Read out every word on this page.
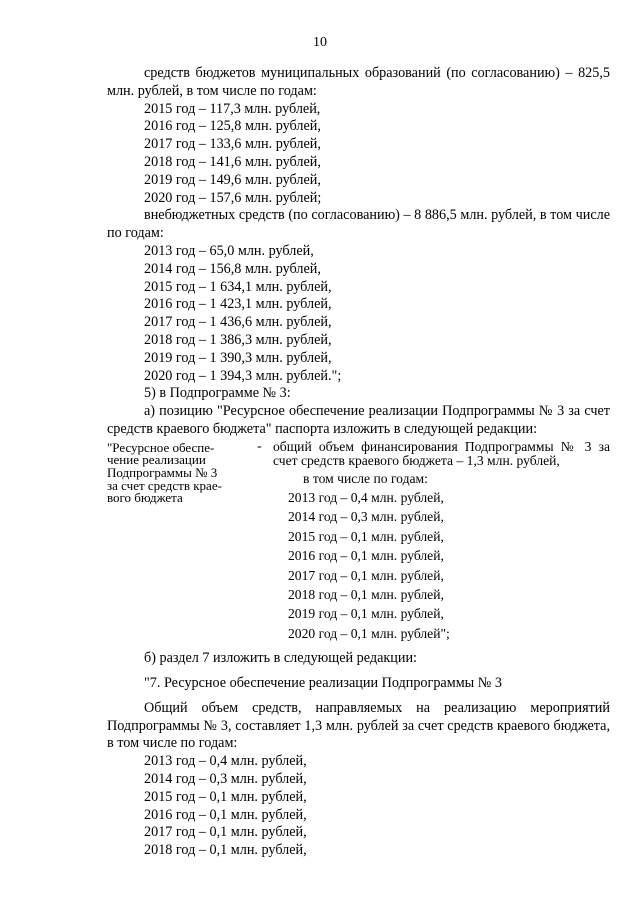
10
средств бюджетов муниципальных образований (по согласованию) – 825,5 млн. рублей, в том числе по годам:
2015 год – 117,3 млн. рублей,
2016 год – 125,8 млн. рублей,
2017 год – 133,6 млн. рублей,
2018 год – 141,6 млн. рублей,
2019 год – 149,6 млн. рублей,
2020 год – 157,6 млн. рублей;
внебюджетных средств (по согласованию) – 8 886,5 млн. рублей, в том числе по годам:
2013 год – 65,0 млн. рублей,
2014 год – 156,8 млн. рублей,
2015 год – 1 634,1 млн. рублей,
2016 год – 1 423,1 млн. рублей,
2017 год – 1 436,6 млн. рублей,
2018 год – 1 386,3 млн. рублей,
2019 год – 1 390,3 млн. рублей,
2020 год – 1 394,3 млн. рублей.";
5) в Подпрограмме № 3:
а) позицию "Ресурсное обеспечение реализации Подпрограммы № 3 за счет средств краевого бюджета" паспорта изложить в следующей редакции:
"Ресурсное обеспе-
чение реализации
Подпрограммы № 3
за счет средств крае-
вого бюджета
- общий объем финансирования Подпрограммы № 3 за счет средств краевого бюджета – 1,3 млн. рублей,
в том числе по годам:
2013 год – 0,4 млн. рублей,
2014 год – 0,3 млн. рублей,
2015 год – 0,1 млн. рублей,
2016 год – 0,1 млн. рублей,
2017 год – 0,1 млн. рублей,
2018 год – 0,1 млн. рублей,
2019 год – 0,1 млн. рублей,
2020 год – 0,1 млн. рублей";
б) раздел 7 изложить в следующей редакции:
"7. Ресурсное обеспечение реализации Подпрограммы № 3
Общий объем средств, направляемых на реализацию мероприятий Подпрограммы № 3, составляет 1,3 млн. рублей за счет средств краевого бюджета, в том числе по годам:
2013 год – 0,4 млн. рублей,
2014 год – 0,3 млн. рублей,
2015 год – 0,1 млн. рублей,
2016 год – 0,1 млн. рублей,
2017 год – 0,1 млн. рублей,
2018 год – 0,1 млн. рублей,
